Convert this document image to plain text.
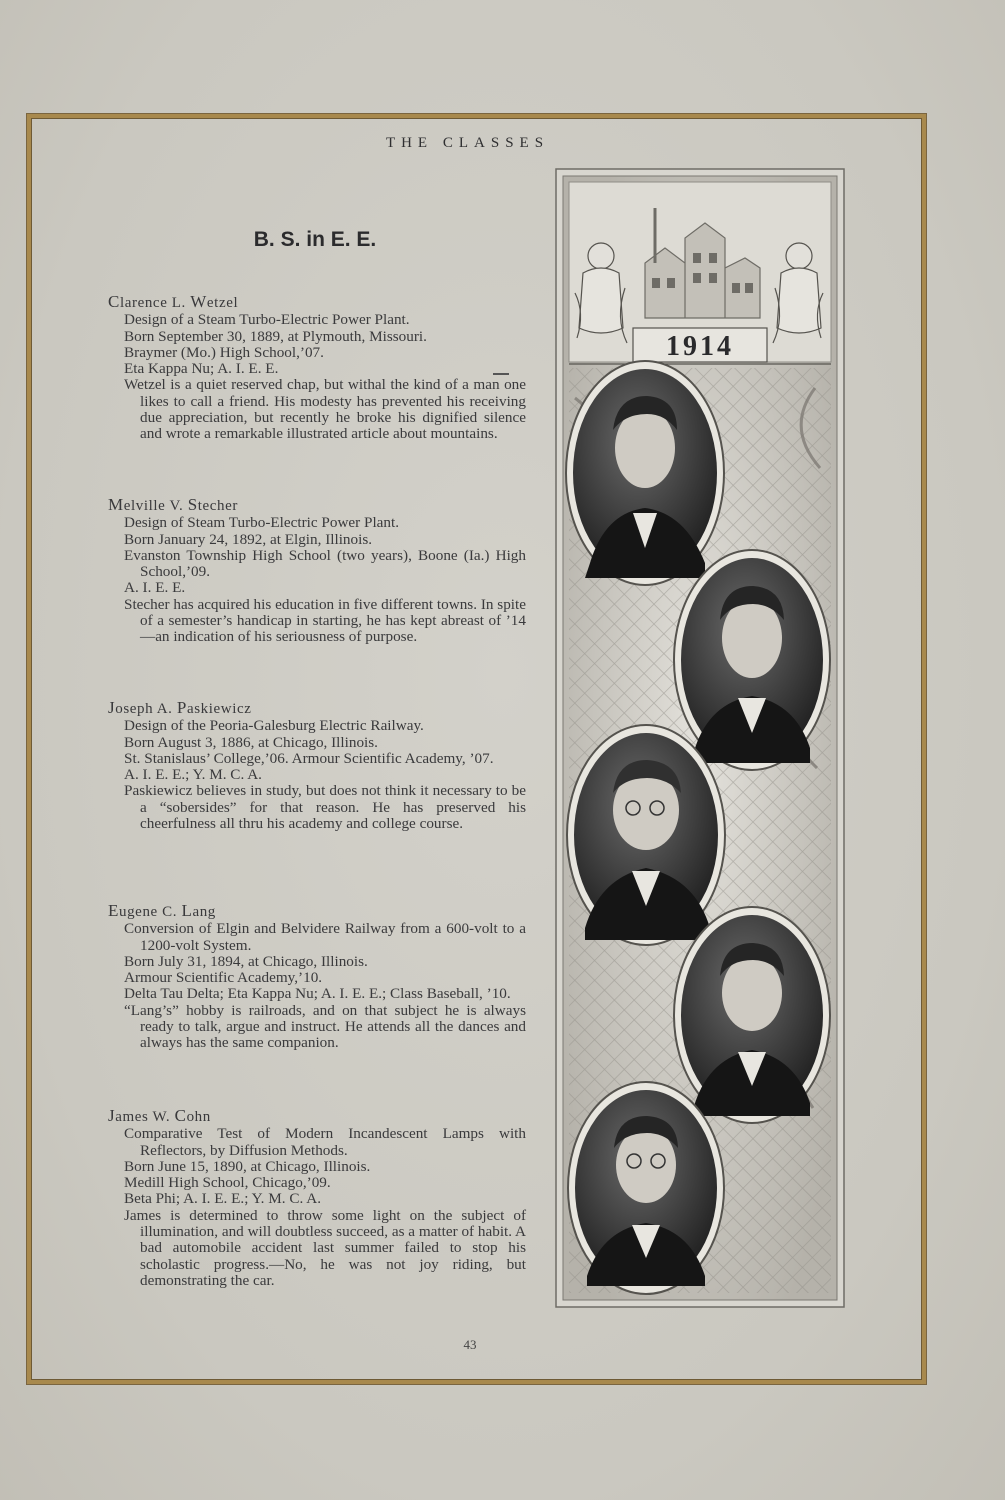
THE CLASSES
B. S. in E. E.
Clarence L. Wetzel
Design of a Steam Turbo-Electric Power Plant.
Born September 30, 1889, at Plymouth, Missouri.
Braymer (Mo.) High School,’07.
Eta Kappa Nu; A. I. E. E.
Wetzel is a quiet reserved chap, but withal the kind of a man one likes to call a friend. His modesty has prevented his receiving due appreciation, but recently he broke his dignified silence and wrote a remarkable illustrated article about mountains.
Melville V. Stecher
Design of Steam Turbo-Electric Power Plant.
Born January 24, 1892, at Elgin, Illinois.
Evanston Township High School (two years), Boone (Ia.) High School,’09.
A. I. E. E.
Stecher has acquired his education in five different towns. In spite of a semester’s handicap in starting, he has kept abreast of ’14—an indication of his seriousness of purpose.
Joseph A. Paskiewicz
Design of the Peoria-Galesburg Electric Railway.
Born August 3, 1886, at Chicago, Illinois.
St. Stanislaus’ College,’06. Armour Scientific Academy, ’07.
A. I. E. E.; Y. M. C. A.
Paskiewicz believes in study, but does not think it necessary to be a “sobersides” for that reason. He has preserved his cheerfulness all thru his academy and college course.
Eugene C. Lang
Conversion of Elgin and Belvidere Railway from a 600-volt to a 1200-volt System.
Born July 31, 1894, at Chicago, Illinois.
Armour Scientific Academy,’10.
Delta Tau Delta; Eta Kappa Nu; A. I. E. E.; Class Baseball, ’10.
“Lang’s” hobby is railroads, and on that subject he is always ready to talk, argue and instruct. He attends all the dances and always has the same companion.
James W. Cohn
Comparative Test of Modern Incandescent Lamps with Reflectors, by Diffusion Methods.
Born June 15, 1890, at Chicago, Illinois.
Medill High School, Chicago,’09.
Beta Phi; A. I. E. E.; Y. M. C. A.
James is determined to throw some light on the subject of illumination, and will doubtless succeed, as a matter of habit. A bad automobile accident last summer failed to stop his scholastic progress.—No, he was not joy riding, but demonstrating the car.
1914
43
